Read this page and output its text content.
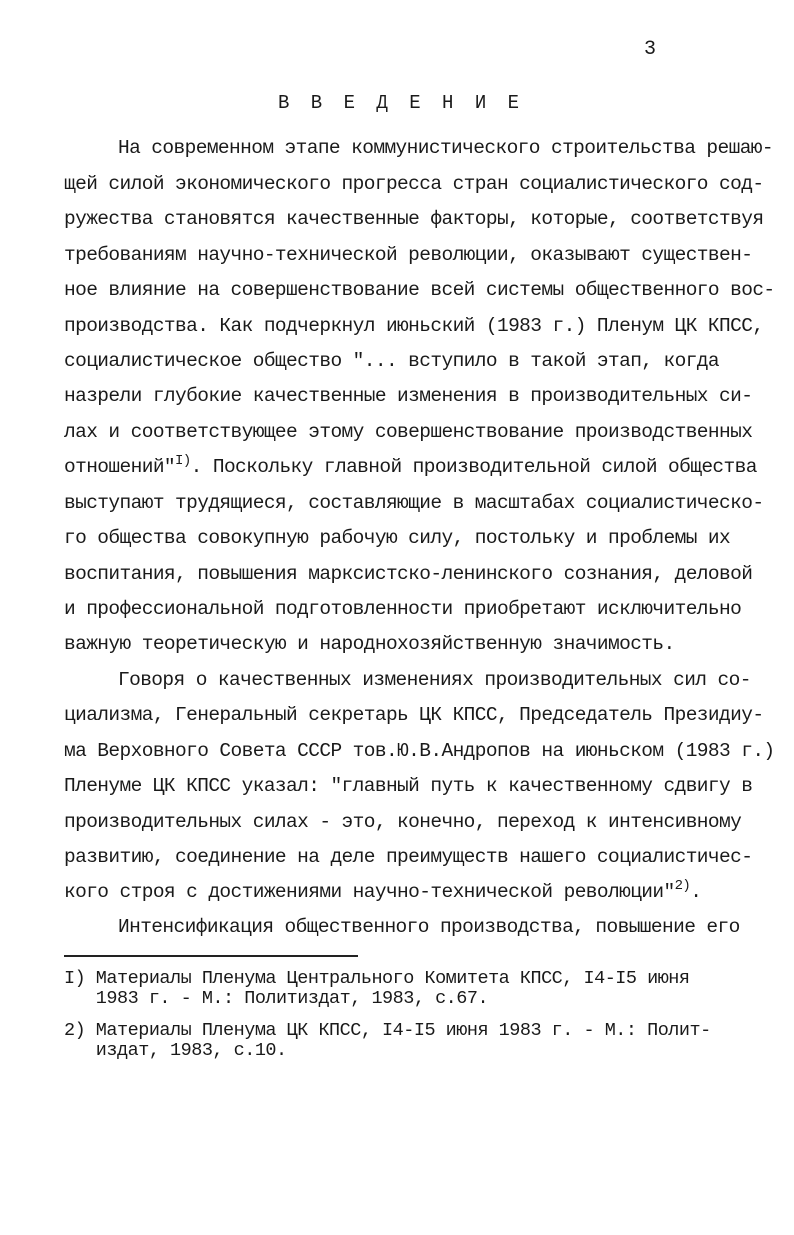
3
В В Е Д Е Н И Е
На современном этапе коммунистического строительства решаю-
щей силой экономического прогресса стран социалистического сод-
ружества становятся качественные факторы, которые, соответствуя
требованиям научно-технической революции, оказывают существен-
ное влияние на совершенствование всей системы общественного вос-
производства. Как подчеркнул июньский (1983 г.) Пленум ЦК КПСС,
социалистическое общество "... вступило в такой этап, когда
назрели глубокие качественные изменения в производительных си-
лах и соответствующее этому совершенствование производственных
отношений"$^{I)}$. Поскольку главной производительной силой общества
выступают трудящиеся, составляющие в масштабах социалистическо-
го общества совокупную рабочую силу, постольку и проблемы их
воспитания, повышения марксистско-ленинского сознания, деловой
и профессиональной подготовленности приобретают исключительно
важную теоретическую и народнохозяйственную значимость.
Говоря о качественных изменениях производительных сил со-
циализма, Генеральный секретарь ЦК КПСС, Председатель Президиу-
ма Верховного Совета СССР тов.Ю.В.Андропов на июньском (1983 г.)
Пленуме ЦК КПСС указал: "главный путь к качественному сдвигу в
производительных силах - это, конечно, переход к интенсивному
развитию, соединение на деле преимуществ нашего социалистичес-
кого строя с достижениями научно-технической революции"$^{2)}$.
Интенсификация общественного производства, повышение его
I) Материалы Пленума Центрального Комитета КПСС, I4-I5 июня
1983 г. - М.: Политиздат, 1983, с.67.
2) Материалы Пленума ЦК КПСС, I4-I5 июня 1983 г. - М.: Полит-
издат, 1983, с.10.
